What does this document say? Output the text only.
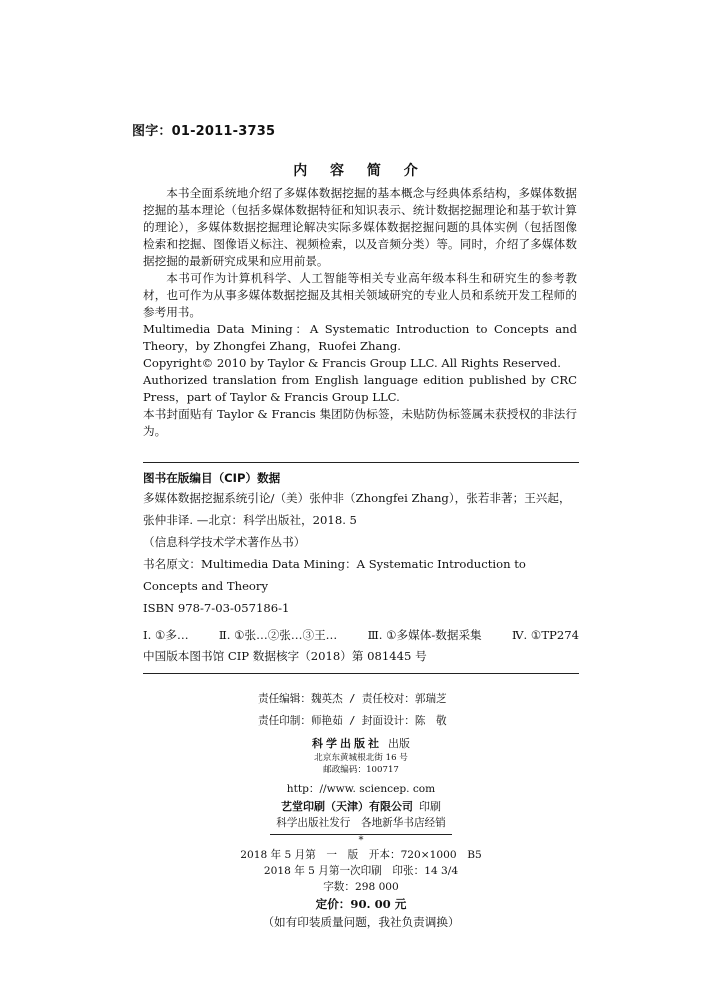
图字：01-2011-3735
内 容 简 介

本书全面系统地介绍了多媒体数据挖掘的基本概念与经典体系结构，多媒体数据挖掘的基本理论（包括多媒体数据特征和知识表示、统计数据挖掘理论和基于软计算的理论），多媒体数据挖掘理论解决实际多媒体数据挖掘问题的具体实例（包括图像检索和挖掘、图像语义标注、视频检索，以及音频分类）等。同时，介绍了多媒体数据挖掘的最新研究成果和应用前景。

本书可作为计算机科学、人工智能等相关专业高年级本科生和研究生的参考教材，也可作为从事多媒体数据挖掘及其相关领域研究的专业人员和系统开发工程师的参考用书。

Multimedia Data Mining：A Systematic Introduction to Concepts and Theory，by Zhongfei Zhang，Ruofei Zhang.

Copyright© 2010 by Taylor & Francis Group LLC. All Rights Reserved.

Authorized translation from English language edition published by CRC Press，part of Taylor & Francis Group LLC.

本书封面贴有 Taylor & Francis 集团防伪标签，未贴防伪标签属未获授权的非法行为。

图书在版编目（CIP）数据

多媒体数据挖掘系统引论/（美）张仲非（Zhongfei Zhang），张若非著；王兴起，张仲非译. —北京：科学出版社，2018. 5

（信息科学技术学术著作丛书）

书名原文：Multimedia Data Mining：A Systematic Introduction to Concepts and Theory

ISBN 978-7-03-057186-1

Ⅰ. ①多…	Ⅱ. ①张…②张…③王…	Ⅲ. ①多媒体-数据采集	Ⅳ. ①TP274
中国版本图书馆 CIP 数据核字（2018）第 081445 号

责任编辑：魏英杰 / 责任校对：郭瑞芝

责任印制：师艳茹 / 封面设计：陈　敬

科学出版社 出版

北京东黄城根北街 16 号

邮政编码：100717

http：//www. sciencep. com

艺堂印刷（天津）有限公司 印刷

科学出版社发行　各地新华书店经销

*

2018 年 5 月第　一　版　开本：720×1000　B5

2018 年 5 月第一次印刷　印张：14 3/4

字数：298 000

定价：90. 00 元

（如有印装质量问题，我社负责调换）
